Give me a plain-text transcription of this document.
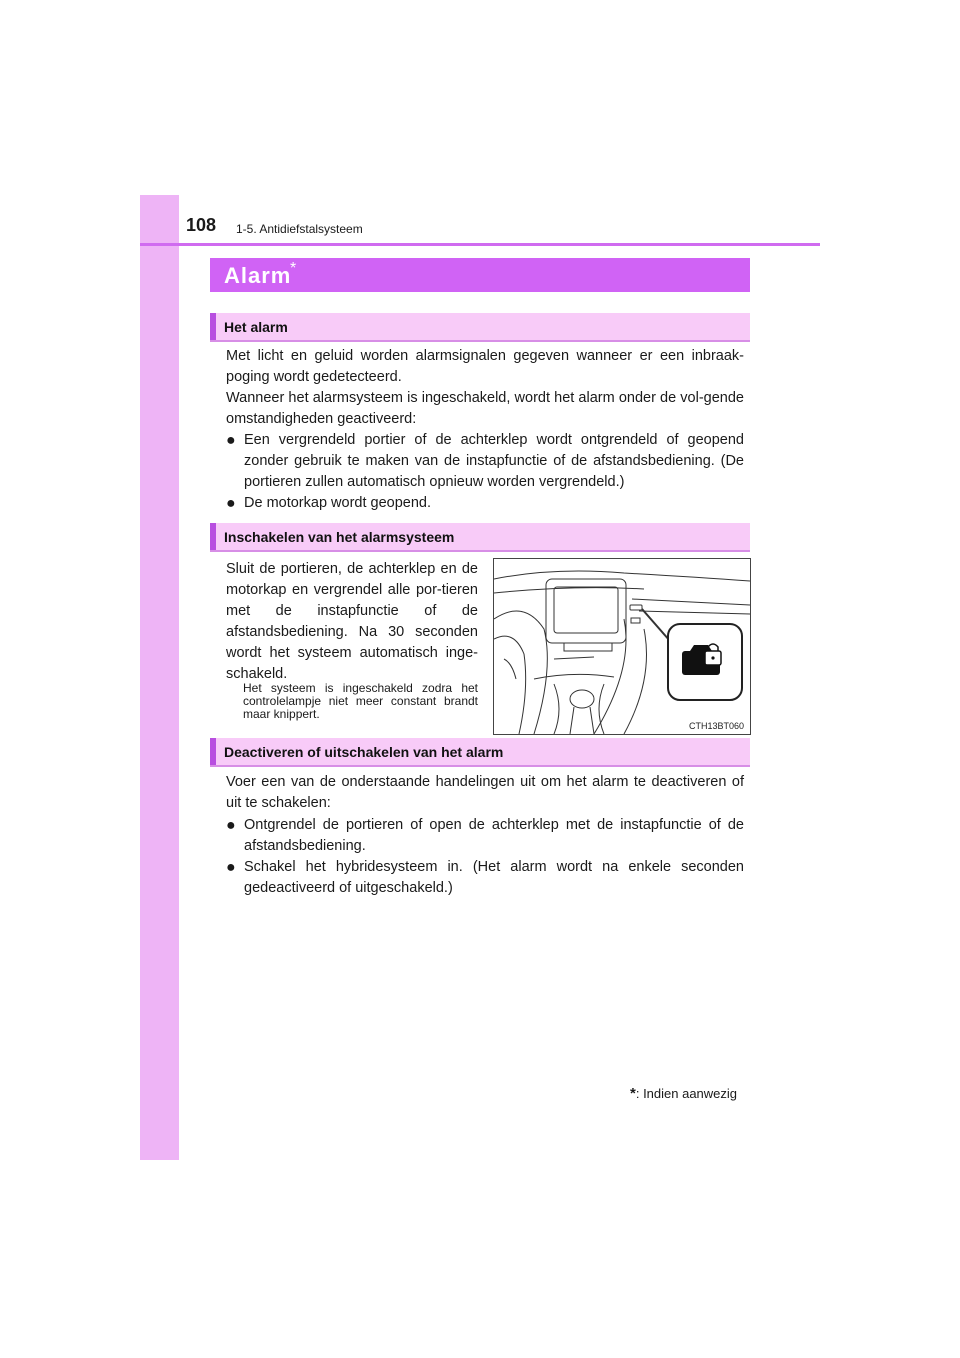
108 1-5. Antidiefstalsysteem
Alarm
*
Het alarm
Met licht en geluid worden alarmsignalen gegeven wanneer er een inbraak-poging wordt gedetecteerd.
Wanneer het alarmsysteem is ingeschakeld, wordt het alarm onder de vol-gende omstandigheden geactiveerd:
● Een vergrendeld portier of de achterklep wordt ontgrendeld of geopend zonder gebruik te maken van de instapfunctie of de afstandsbediening. (De portieren zullen automatisch opnieuw worden vergrendeld.)
● De motorkap wordt geopend.
Inschakelen van het alarmsysteem
Sluit de portieren, de achterklep en de motorkap en vergrendel alle por-tieren met de instapfunctie of de afstandsbediening. Na 30 seconden wordt het systeem automatisch inge-schakeld.
Het systeem is ingeschakeld zodra het controlelampje niet meer constant brandt maar knippert.
CTH13BT060
Deactiveren of uitschakelen van het alarm
Voer een van de onderstaande handelingen uit om het alarm te deactiveren of uit te schakelen:
● Ontgrendel de portieren of open de achterklep met de instapfunctie of de afstandsbediening.
● Schakel het hybridesysteem in. (Het alarm wordt na enkele seconden gedeactiveerd of uitgeschakeld.)
*: Indien aanwezig
